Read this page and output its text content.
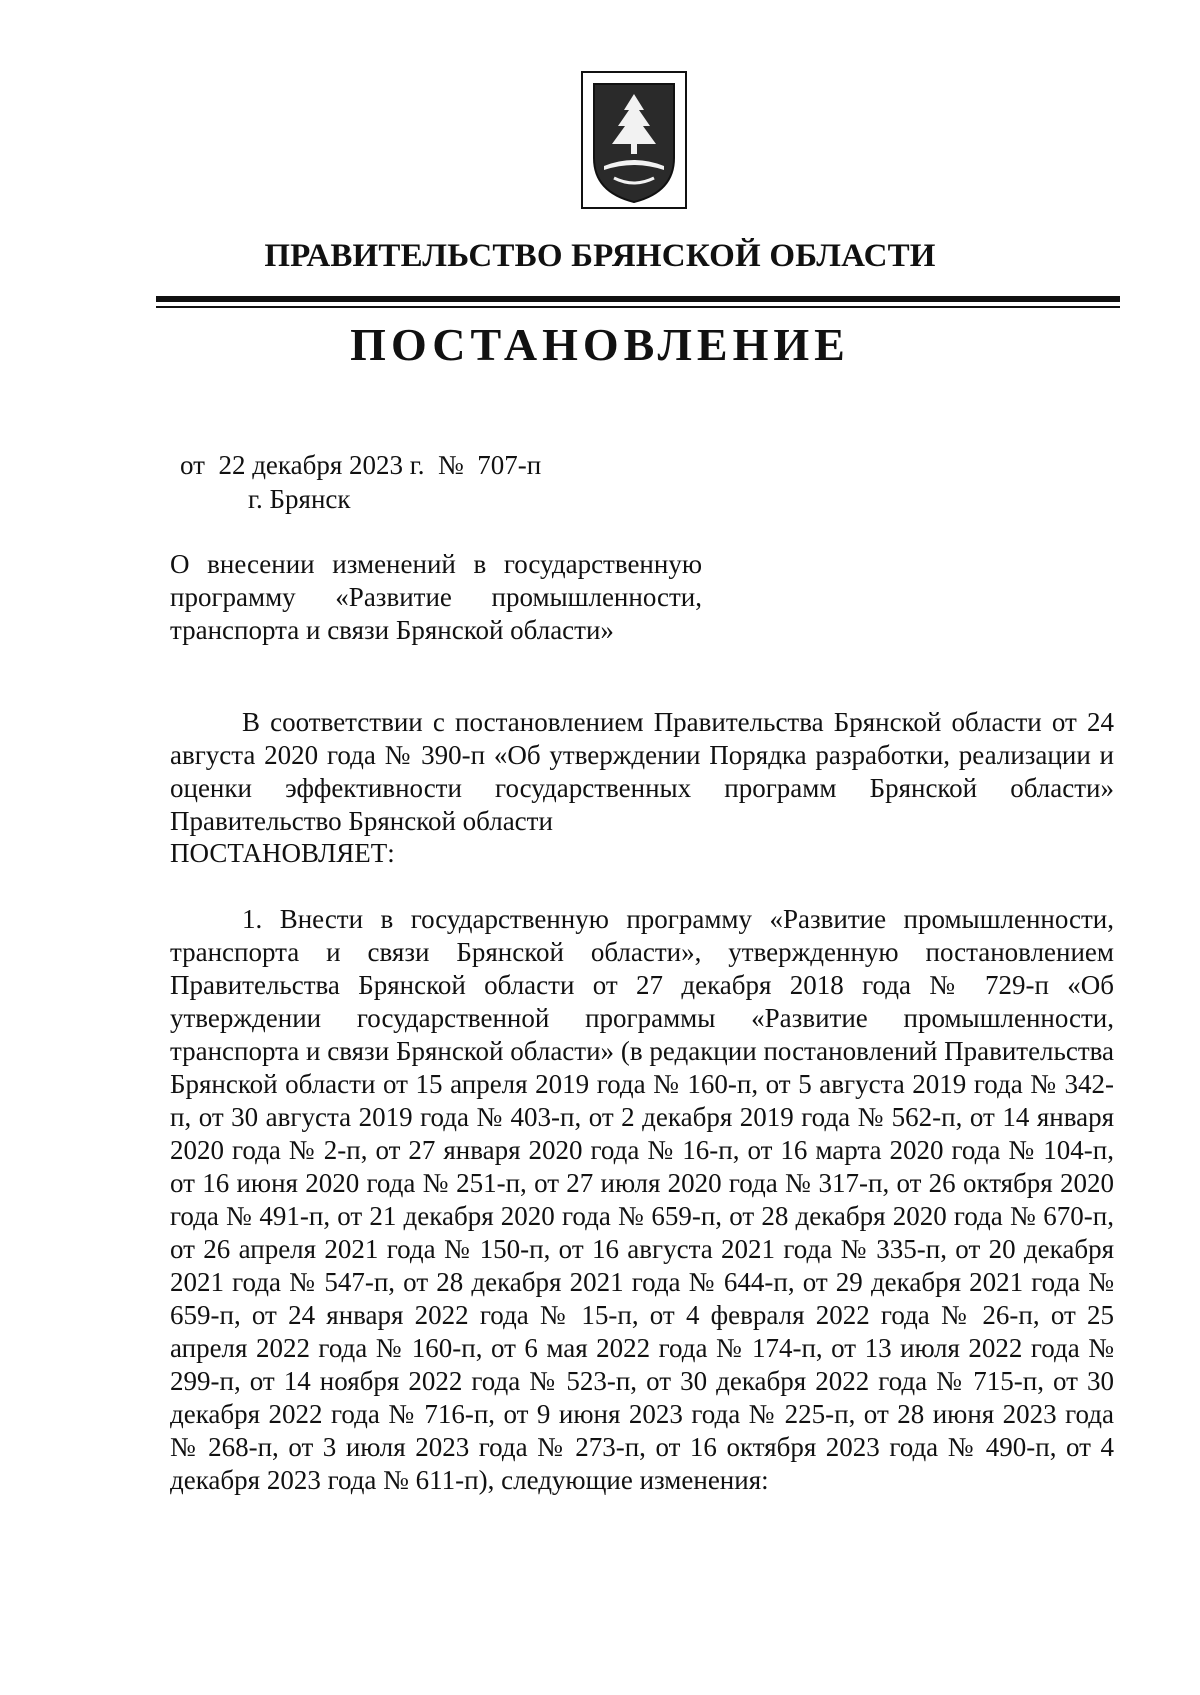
ПРАВИТЕЛЬСТВО БРЯНСКОЙ ОБЛАСТИ
ПОСТАНОВЛЕНИЕ
от  22 декабря 2023 г.  №  707-п
г. Брянск
О внесении изменений в государственную
программу «Развитие промышленности,
транспорта и связи Брянской области»

В соответствии с постановлением Правительства Брянской области от 24 августа 2020 года № 390-п «Об утверждении Порядка разработки, реализации и оценки эффективности государственных программ Брянской области» Правительство Брянской области

ПОСТАНОВЛЯЕТ:

1. Внести в государственную программу «Развитие промышленности, транспорта и связи Брянской области», утвержденную постановлением Правительства Брянской области от 27 декабря 2018 года № 729-п «Об утверждении государственной программы «Развитие промышленности, транспорта и связи Брянской области» (в редакции постановлений Правительства Брянской области от 15 апреля 2019 года № 160-п, от 5 августа 2019 года № 342-п, от 30 августа 2019 года № 403-п, от 2 декабря 2019 года № 562-п, от 14 января 2020 года № 2-п, от 27 января 2020 года № 16-п, от 16 марта 2020 года № 104-п, от 16 июня 2020 года № 251-п, от 27 июля 2020 года № 317-п, от 26 октября 2020 года № 491-п, от 21 декабря 2020 года № 659-п, от 28 декабря 2020 года № 670-п, от 26 апреля 2021 года № 150-п, от 16 августа 2021 года № 335-п, от 20 декабря 2021 года № 547-п, от 28 декабря 2021 года № 644-п, от 29 декабря 2021 года № 659-п, от 24 января 2022 года № 15-п, от 4 февраля 2022 года № 26-п, от 25 апреля 2022 года № 160-п, от 6 мая 2022 года № 174-п, от 13 июля 2022 года № 299-п, от 14 ноября 2022 года № 523-п, от 30 декабря 2022 года № 715-п, от 30 декабря 2022 года № 716-п, от 9 июня 2023 года № 225-п, от 28 июня 2023 года № 268-п, от 3 июля 2023 года № 273-п, от 16 октября 2023 года № 490-п, от 4 декабря 2023 года № 611-п), следующие изменения:
